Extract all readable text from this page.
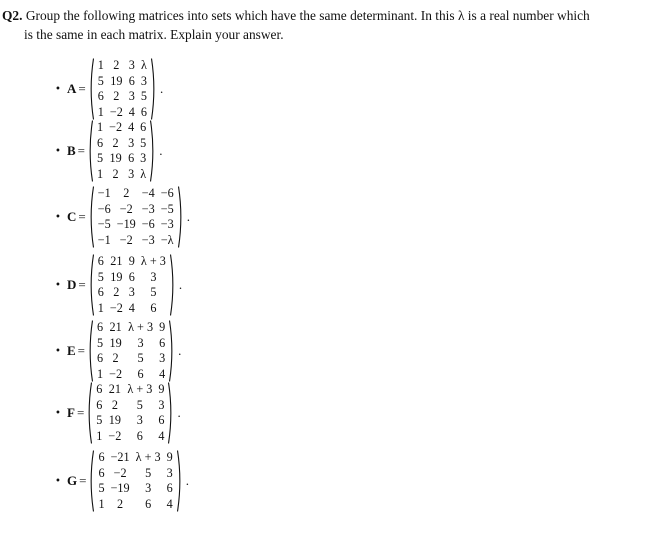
Q2. Group the following matrices into sets which have the same determinant. In this λ is a real number which
is the same in each matrix. Explain your answer.
• A =
1 2 3 λ
5 19 6 3
6 2 3 5
1 −2 4 6
.
• B =
1 −2 4 6
6 2 3 5
5 19 6 3
1 2 3 λ
.
• C =
−1	2	−4 −6
−6 −2 −3 −5
−5 −19 −6 −3
−1 −2 −3 −λ
.
• D =
6 21 9 λ + 3
5 19 6	3
6 2 3	5
1 −2 4	6
.
• E =
6 21 λ + 3 9
5 19	3	6
6 2	5	3
1 −2	6	4
.
• F =
6 21 λ + 3 9
6 2	5	3
5 19	3	6
1 −2	6	4
.
• G =
6 −21 λ + 3 9
6 −2	5	3
5 −19	3	6
1	2	6	4
.
